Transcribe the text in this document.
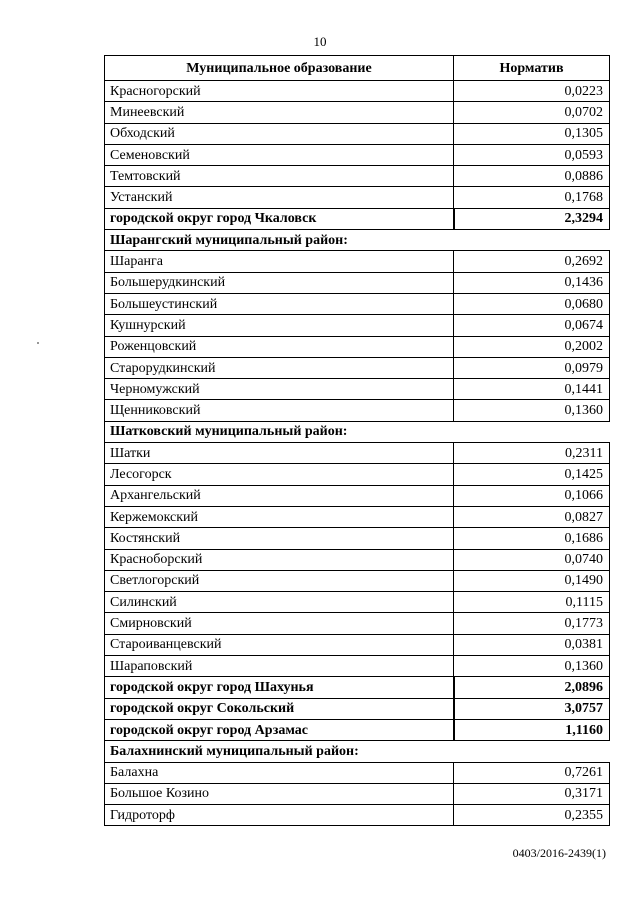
10
Муниципальное образование	Норматив
Красногорский	0,0223
Минеевский	0,0702
Обходский	0,1305
Семеновский	0,0593
Темтовский	0,0886
Устанский	0,1768
городской округ город Чкаловск	2,3294
Шарангский муниципальный район:	
Шаранга	0,2692
Большерудкинский	0,1436
Большеустинский	0,0680
Кушнурский	0,0674
Роженцовский	0,2002
Старорудкинский	0,0979
Черномужский	0,1441
Щенниковский	0,1360
Шатковский муниципальный район:	
Шатки	0,2311
Лесогорск	0,1425
Архангельский	0,1066
Кержемокский	0,0827
Костянский	0,1686
Красноборский	0,0740
Светлогорский	0,1490
Силинский	0,1115
Смирновский	0,1773
Староиванцевский	0,0381
Шараповский	0,1360
городской округ город Шахунья	2,0896
городской округ Сокольский	3,0757
городской округ город Арзамас	1,1160
Балахнинский муниципальный район:	
Балахна	0,7261
Большое Козино	0,3171
Гидроторф	0,2355
0403/2016-2439(1)
